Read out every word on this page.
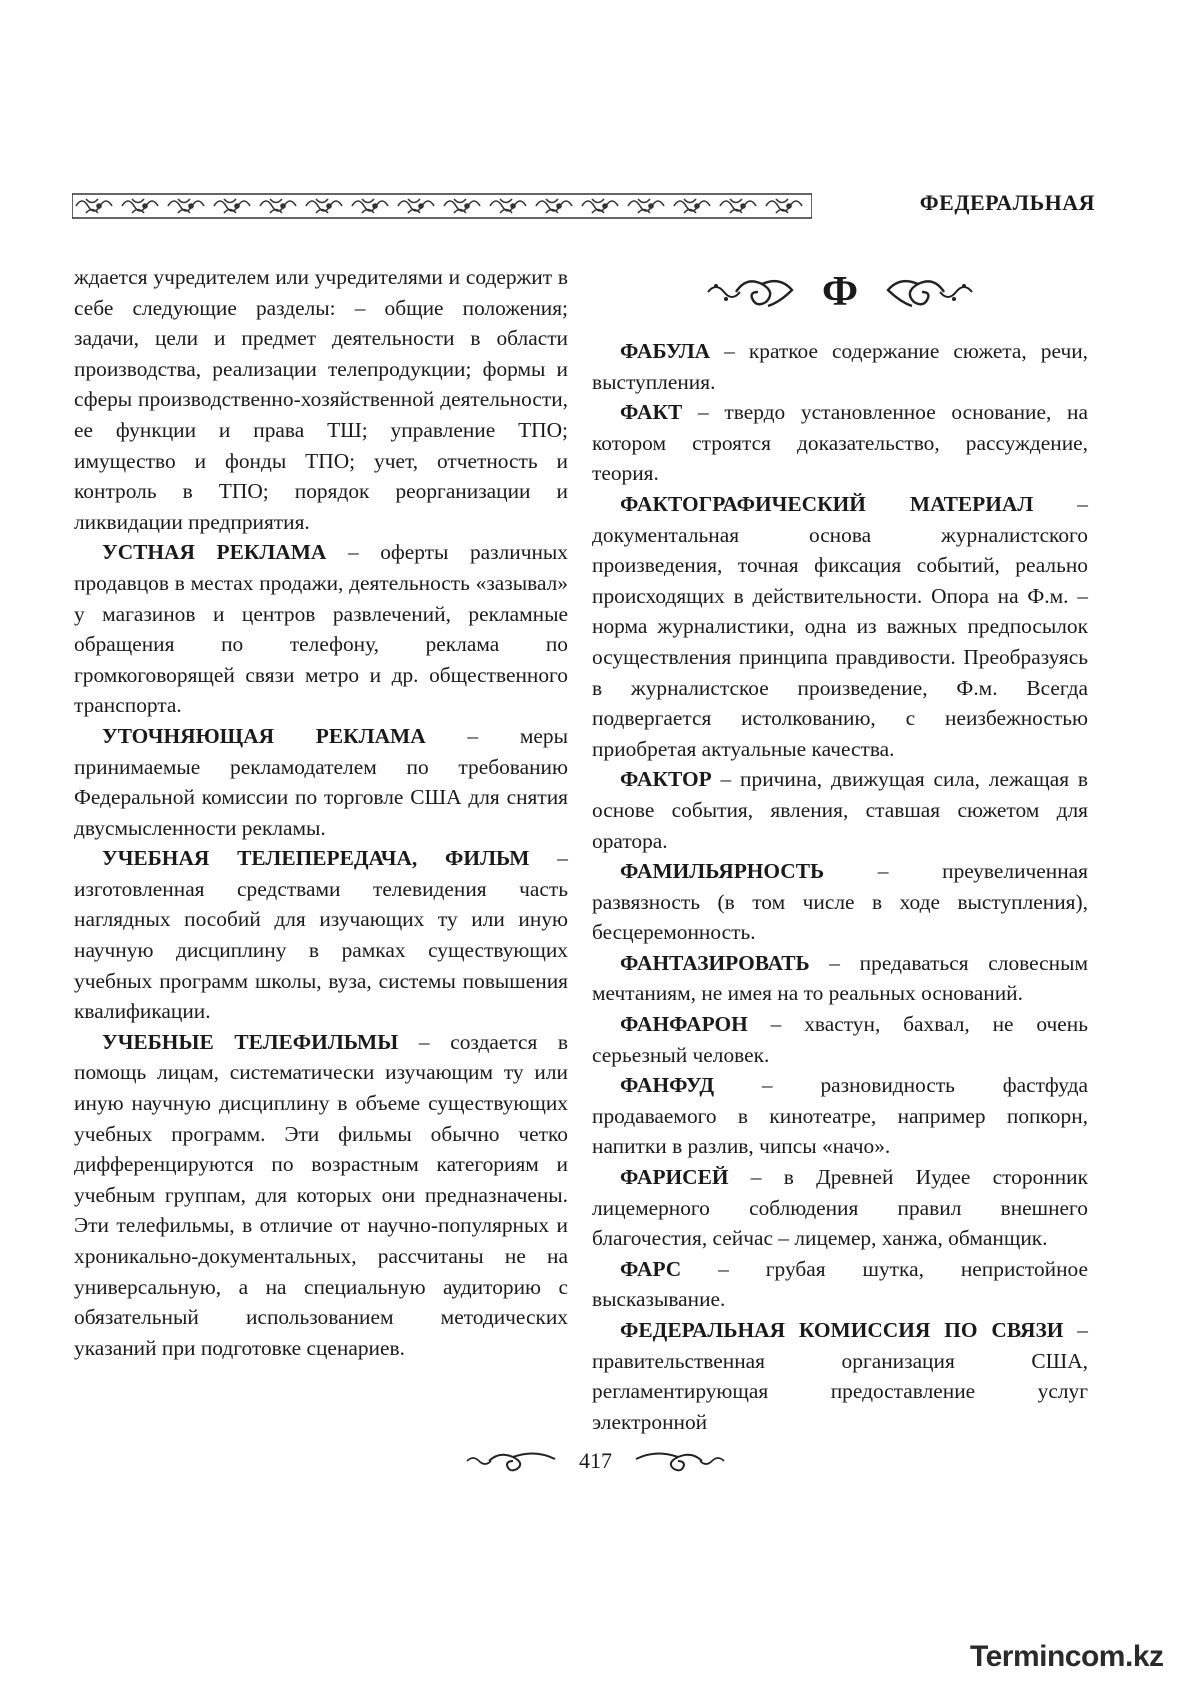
ФЕДЕРАЛЬНАЯ

ждается учредителем или учредителями и содержит в себе следующие разделы: – общие положения; задачи, цели и предмет деятельности в области производства, реализации телепродукции; формы и сферы производственно-хозяйственной деятельности, ее функции и права ТШ; управление ТПО; имущество и фонды ТПО; учет, отчетность и контроль в ТПО; порядок реорганизации и ликвидации предприятия.

УСТНАЯ РЕКЛАМА – оферты различных продавцов в местах продажи, деятельность «зазывал» у магазинов и центров развлечений, рекламные обращения по телефону, реклама по громкоговорящей связи метро и др. общественного транспорта.

УТОЧНЯЮЩАЯ РЕКЛАМА – меры принимаемые рекламодателем по требованию Федеральной комиссии по торговле США для снятия двусмысленности рекламы.

УЧЕБНАЯ ТЕЛЕПЕРЕДАЧА, ФИЛЬМ – изготовленная средствами телевидения часть наглядных пособий для изучающих ту или иную научную дисциплину в рамках существующих учебных программ школы, вуза, системы повышения квалификации.

УЧЕБНЫЕ ТЕЛЕФИЛЬМЫ – создается в помощь лицам, систематически изучающим ту или иную научную дисциплину в объеме существующих учебных программ. Эти фильмы обычно четко дифференцируются по возрастным категориям и учебным группам, для которых они предназначены. Эти телефильмы, в отличие от научно-популярных и хроникально-документальных, рассчитаны не на универсальную, а на специальную аудиторию с обязательный использованием методических указаний при подготовке сценариев.

Ф

ФАБУЛА – краткое содержание сюжета, речи, выступления.

ФАКТ – твердо установленное основание, на котором строятся доказательство, рассуждение, теория.

ФАКТОГРАФИЧЕСКИЙ МАТЕРИАЛ – документальная основа журналистского произведения, точная фиксация событий, реально происходящих в действительности. Опора на Ф.м. – норма журналистики, одна из важных предпосылок осуществления принципа правдивости. Преобразуясь в журналистское произведение, Ф.м. Всегда подвергается истолкованию, с неизбежностью приобретая актуальные качества.

ФАКТОР – причина, движущая сила, лежащая в основе события, явления, ставшая сюжетом для оратора.

ФАМИЛЬЯРНОСТЬ – преувеличенная развязность (в том числе в ходе выступления), бесцеремонность.

ФАНТАЗИРОВАТЬ – предаваться словесным мечтаниям, не имея на то реальных оснований.

ФАНФАРОН – хвастун, бахвал, не очень серьезный человек.

ФАНФУД – разновидность фастфуда продаваемого в кинотеатре, например попкорн, напитки в разлив, чипсы «начо».

ФАРИСЕЙ – в Древней Иудее сторонник лицемерного соблюдения правил внешнего благочестия, сейчас – лицемер, ханжа, обманщик.

ФАРС – грубая шутка, непристойное высказывание.

ФЕДЕРАЛЬНАЯ КОМИССИЯ ПО СВЯЗИ – правительственная организация США, регламентирующая предоставление услуг электронной

417
Termincom.kz
